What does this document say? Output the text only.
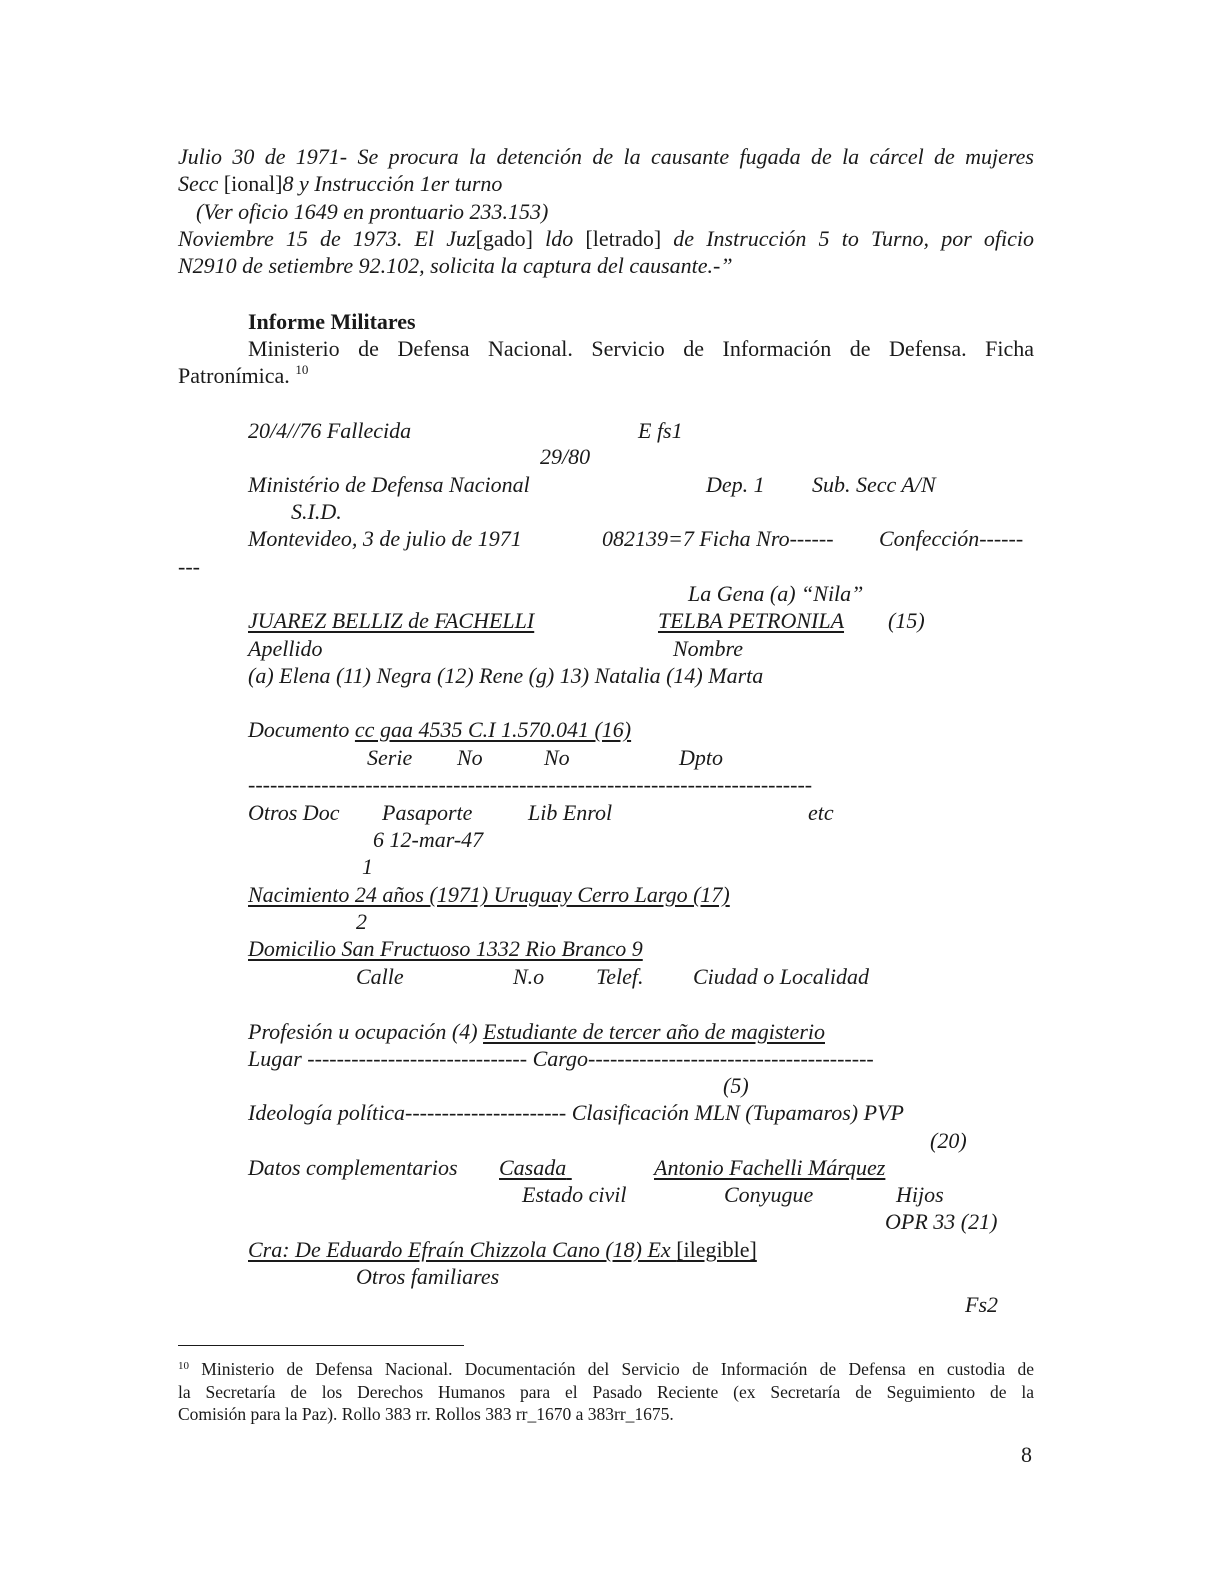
Julio 30 de 1971- Se procura la detención de la causante fugada de la cárcel de mujeres
Secc [ional]8 y Instrucción 1er turno
(Ver oficio 1649 en prontuario 233.153)
Noviembre 15 de 1973. El Juz[gado] ldo [letrado] de Instrucción 5 to Turno, por oficio
N2910 de setiembre 92.102, solicita la captura del causante.-”
Informe Militares
Ministerio de Defensa Nacional. Servicio de Información de Defensa. Ficha
Patronímica. $^{10}$
20/4//76 Fallecida	E fs1
29/80
Ministério de Defensa Nacional	Dep. 1 Sub. Secc A/N
S.I.D.
Montevideo, 3 de julio de 1971	082139=7 Ficha Nro------ Confección------
---
La Gena (a) “Nila”
JUAREZ BELLIZ de FACHELLI	TELBA PETRONILA (15)
Apellido	Nombre
(a) Elena (11) Negra (12) Rene (g) 13) Natalia (14) Marta
Documento cc gaa 4535 C.I 1.570.041 (16)
Serie No	No	Dpto
-----------------------------------------------------------------------------
Otros Doc Pasaporte	Lib Enrol	etc
6 12-mar-47
1
Nacimiento 24 años (1971) Uruguay Cerro Largo (17)
2
Domicilio San Fructuoso 1332 Rio Branco 9
Calle	N.o Telef. Ciudad o Localidad
Profesión u ocupación (4) Estudiante de tercer año de magisterio
Lugar ------------------------------ Cargo---------------------------------------
(5)
Ideología política---------------------- Clasificación MLN (Tupamaros) PVP
(20)
Datos complementarios Casada	Antonio Fachelli Márquez
Estado civil	Conyugue	Hijos
OPR 33 (21)
Cra: De Eduardo Efraín Chizzola Cano (18) Ex [ilegible]
Otros familiares
Fs2
$^{10}$ Ministerio de Defensa Nacional. Documentación del Servicio de Información de Defensa en custodia de
la Secretaría de los Derechos Humanos para el Pasado Reciente (ex Secretaría de Seguimiento de la
Comisión para la Paz). Rollo 383 rr. Rollos 383 rr_1670 a 383rr_1675.
8
